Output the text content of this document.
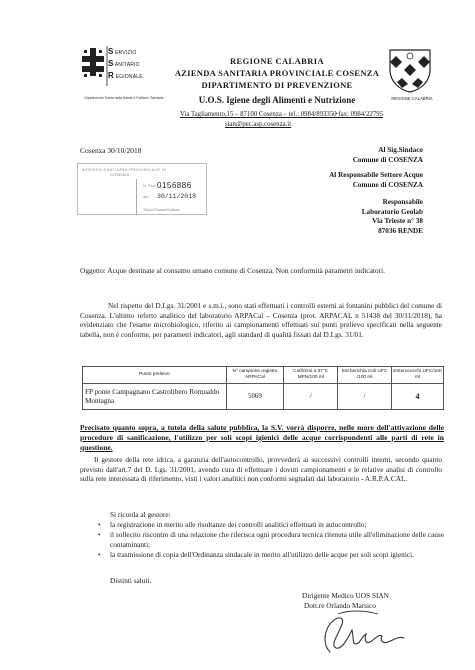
S ERVIZIO
S ANITARIO
R EGIONALE
Dipartimento Tutela della Salute e Politiche Sanitarie
REGIONE CALABRIA
AZIENDA SANITARIA PROVINCIALE COSENZA
DIPARTIMENTO DI PREVENZIONE
U.O.S. Igiene degli Alimenti e Nutrizione	REGIONE CALABRIA
Via Tagliamento,15 – 87100 Cosenza – tel.: 0984/893350̶ fax: 0984/22795
sian@pec.asp.cosenza.it
Cosenza 30/10/2018
AZIENDA SANITARIA PROVINCIALE DI
COSENZA
N. Prot 0156886
del 30/11/2018
Titolo/Classe/Sottocl.
Al Sig.Sindaco
Comune di COSENZA
Al Responsabile Settore Acque
Comune di COSENZA
Responsabile
Laboratorio Geolab
Via Trieste n° 38
87036 RENDE
Oggetto: Acque destinate al consumo umano comune di Cosenza. Non conformità parametri indicatori.
Nel rispetto del D.Lgs. 31/2001 e s.m.i., sono stati effettuati i controlli esterni ai fontanini pubblici del comune di Cosenza. L'ultimo referto analitico del laboratorio ARPACal – Cosenza (prot. ARPACAL n 51438 del 30/11/2018), ha evidenziato che l'esame microbiologico, riferito ai campionamenti effettuati sui punti prelievo specificati nella seguente tabella, non è conforme, per parametri indicatori, agli standard di qualità fissati dal D.Lgs. 31/01.
Punto prelievo	N° campione registro ARPACal	Coliformi a 37°C MPN/100 ml	Escherichia Coli UFC /100 ml	Enterococchi UFC/100 ml
FP ponte Campagnano Castrolibero Romualdo Montagna	5069	/	/	4
Precisato quanto sopra, a tutela della salute pubblica, la S.V. vorrà disporre, nelle more dell'attivazione delle procedure di sanificazione, l'utilizzo per soli scopi igienici delle acque corrispondenti alle parti di rete in questione.
Il gestore della rete idrica, a garanzia dell'autocontrollo, provvederà ai successivi controlli interni, secondo quanto previsto dall'art.7 del D. Lgs. 31/2001, avendo cura di effettuare i dovuti campionamenti e le relative analisi di controllo sulla rete interessata di riferimento, visti i valori analitici non conformi segnalati dal laboratorio - A.R.P.A.CAL.
Si ricorda al gestore:
• la registrazione in merito alle risultanze dei controlli analitici effettuati in autocontrollo;
• il sollecito riscontro di una relazione che riferisca ogni procedura tecnica ritenuta utile all'eliminazione delle cause contaminanti;
• la trasmissione di copia dell'Ordinanza sindacale in merito all'utilizzo delle acque per soli scopi igienici.
Distinti saluti.
Dirigente Medico UOS SIAN
Dott.re Orlando Marsico
